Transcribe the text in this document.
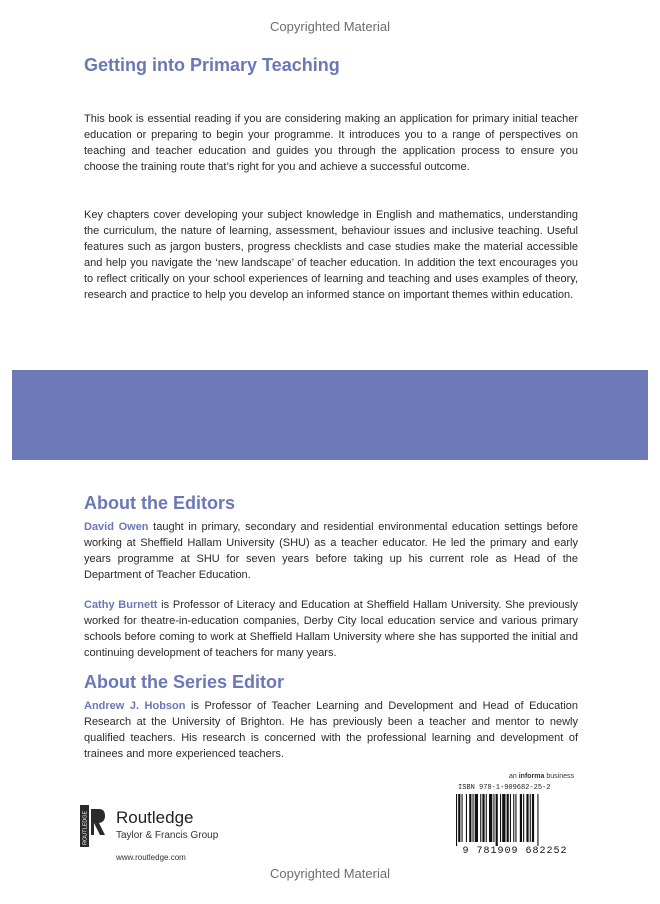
Copyrighted Material
Getting into Primary Teaching

This book is essential reading if you are considering making an application for primary initial teacher education or preparing to begin your programme. It introduces you to a range of perspectives on teaching and teacher education and guides you through the application process to ensure you choose the training route that’s right for you and achieve a successful outcome.

Key chapters cover developing your subject knowledge in English and mathematics, understanding the curriculum, the nature of learning, assessment, behaviour issues and inclusive teaching. Useful features such as jargon busters, progress checklists and case studies make the material accessible and help you navigate the ‘new landscape’ of teacher education. In addition the text encourages you to reflect critically on your school experiences of learning and teaching and uses examples of theory, research and practice to help you develop an informed stance on important themes within education.

About the Editors

David Owen taught in primary, secondary and residential environmental education settings before working at Sheffield Hallam University (SHU) as a teacher educator. He led the primary and early years programme at SHU for seven years before taking up his current role as Head of the Department of Teacher Education.

Cathy Burnett is Professor of Literacy and Education at Sheffield Hallam University. She previously worked for theatre-in-education companies, Derby City local education service and various primary schools before coming to work at Sheffield Hallam University where she has supported the initial and continuing development of teachers for many years.

About the Series Editor

Andrew J. Hobson is Professor of Teacher Learning and Development and Head of Education Research at the University of Brighton. He has previously been a teacher and mentor to newly qualified teachers. His research is concerned with the professional learning and development of trainees and more experienced teachers.

ROUTLEDGE Routledge
Taylor & Francis Group
www.routledge.com
an informa business
ISBN 978-1-909682-25-2
9 781909 682252
Copyrighted Material
